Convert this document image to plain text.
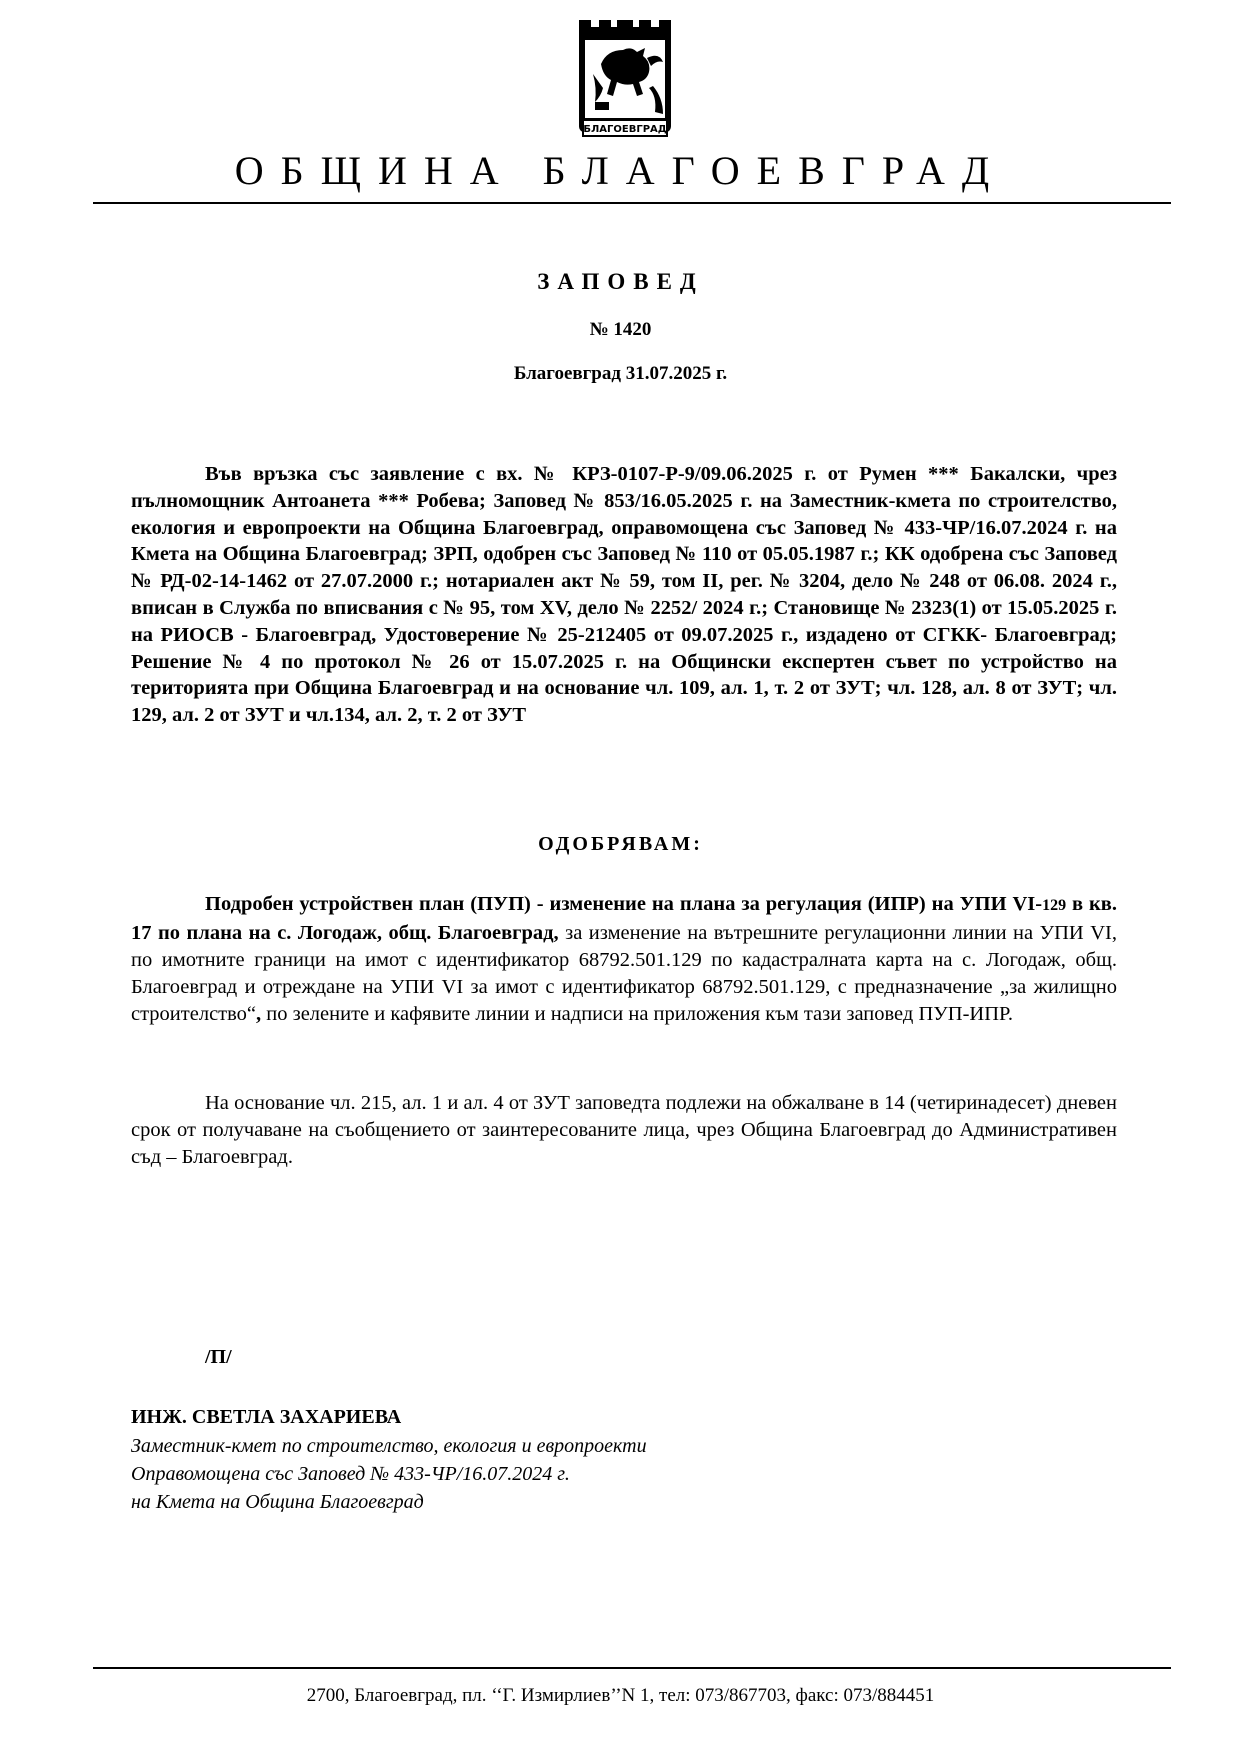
БЛАГОЕВГРАД
ОБЩИНА БЛАГОЕВГРАД
ЗАПОВЕД
№ 1420
Благоевград 31.07.2025 г.
Във връзка със заявление с вх. № КРЗ-0107-Р-9/09.06.2025 г. от Румен *** Бакалски, чрез пълномощник Антоанета *** Робева; Заповед № 853/16.05.2025 г. на Заместник-кмета по строителство, екология и европроекти на Община Благоевград, оправомощена със Заповед № 433-ЧР/16.07.2024 г. на Кмета на Община Благоевград; ЗРП, одобрен със Заповед № 110 от 05.05.1987 г.; КК одобрена със Заповед № РД-02-14-1462 от 27.07.2000 г.; нотариален акт № 59, том II, рег. № 3204, дело № 248 от 06.08. 2024 г., вписан в Служба по вписвания с № 95, том XV, дело № 2252/ 2024 г.; Становище № 2323(1) от 15.05.2025 г. на РИОСВ - Благоевград, Удостоверение № 25-212405 от 09.07.2025 г., издадено от СГКК- Благоевград; Решение № 4 по протокол № 26 от 15.07.2025 г. на Общински експертен съвет по устройство на територията при Община Благоевград и на основание чл. 109, ал. 1, т. 2 от ЗУТ; чл. 128, ал. 8 от ЗУТ; чл. 129, ал. 2 от ЗУТ и чл.134, ал. 2, т. 2 от ЗУТ
ОДОБРЯВАМ:
Подробен устройствен план (ПУП) - изменение на плана за регулация (ИПР) на УПИ VI-129 в кв. 17 по плана на с. Логодаж, общ. Благоевград, за изменение на вътрешните регулационни линии на УПИ VI, по имотните граници на имот с идентификатор 68792.501.129 по кадастралната карта на с. Логодаж, общ. Благоевград и отреждане на УПИ VI за имот с идентификатор 68792.501.129, с предназначение „за жилищно строителство“, по зелените и кафявите линии и надписи на приложения към тази заповед ПУП-ИПР.
На основание чл. 215, ал. 1 и ал. 4 от ЗУТ заповедта подлежи на обжалване в 14 (четиринадесет) дневен срок от получаване на съобщението от заинтересованите лица, чрез Община Благоевград до Административен съд – Благоевград.
/П/
ИНЖ. СВЕТЛА ЗАХАРИЕВА
Заместник-кмет по строителство, екология и европроекти
Оправомощена със Заповед № 433-ЧР/16.07.2024 г.
на Кмета на Община Благоевград
2700, Благоевград, пл. ‘‘Г. Измирлиев’’N 1, тел: 073/867703, факс: 073/884451
